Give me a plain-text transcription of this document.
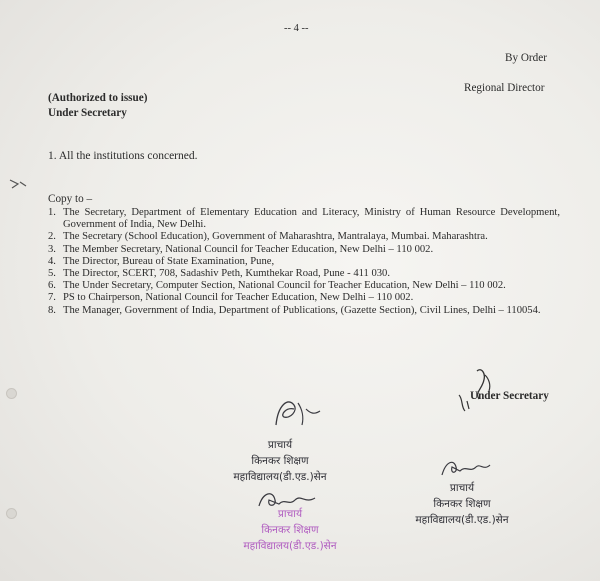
-- 4 --
By Order
Regional Director
(Authorized to issue)
Under Secretary
1. All the institutions concerned.
Copy to –
1. The Secretary, Department of Elementary Education and Literacy, Ministry of Human Resource Development, Government of India, New Delhi.
2. The Secretary (School Education), Government of Maharashtra, Mantralaya, Mumbai. Maharashtra.
3. The Member Secretary, National Council for Teacher Education, New Delhi – 110 002.
4. The Director, Bureau of State Examination, Pune,
5. The Director, SCERT, 708, Sadashiv Peth, Kumthekar Road, Pune - 411 030.
6. The Under Secretary, Computer Section, National Council for Teacher Education, New Delhi – 110 002.
7. PS to Chairperson, National Council for Teacher Education, New Delhi – 110 002.
8. The Manager, Government of India, Department of Publications, (Gazette Section), Civil Lines, Delhi – 110054.
Under Secretary
प्राचार्य
किनकर शिक्षण
महाविद्यालय(डी.एड.)सेन
प्राचार्य
किनकर शिक्षण
महाविद्यालय(डी.एड.)सेन
प्राचार्य
किनकर शिक्षण
महाविद्यालय(डी.एड.)सेन
